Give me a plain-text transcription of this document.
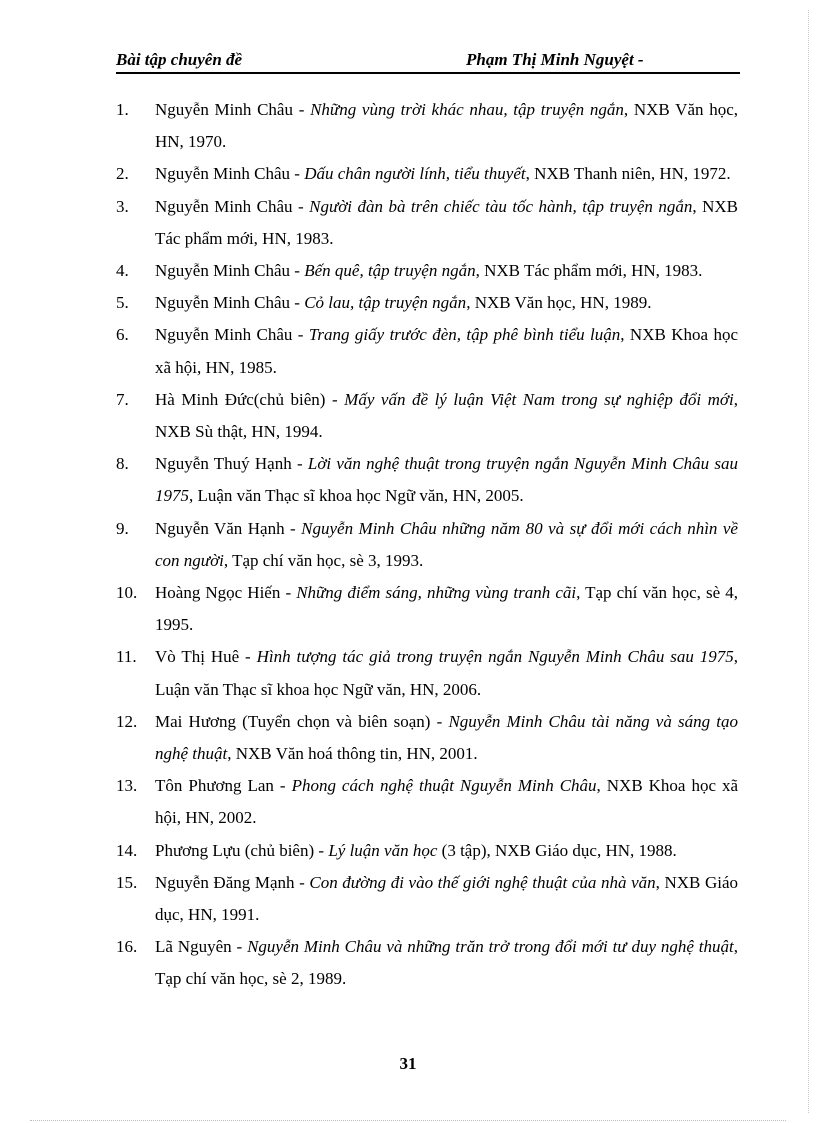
Bài tập chuyên đề	Phạm Thị Minh Nguyệt -
1. Nguyễn Minh Châu - Những vùng trời khác nhau, tập truyện ngắn, NXB Văn học, HN, 1970.
2. Nguyễn Minh Châu - Dấu chân người lính, tiểu thuyết, NXB Thanh niên, HN, 1972.
3. Nguyễn Minh Châu - Người đàn bà trên chiếc tàu tốc hành, tập truyện ngắn, NXB Tác phẩm mới, HN, 1983.
4. Nguyễn Minh Châu - Bến quê, tập truyện ngắn, NXB Tác phẩm mới, HN, 1983.
5. Nguyễn Minh Châu - Cỏ lau, tập truyện ngắn, NXB Văn học, HN, 1989.
6. Nguyễn Minh Châu - Trang giấy trước đèn, tập phê bình tiểu luận, NXB Khoa học xã hội, HN, 1985.
7. Hà Minh Đức(chủ biên) - Mấy vấn đề lý luận Việt Nam trong sự nghiệp đổi mới, NXB Sù thật, HN, 1994.
8. Nguyễn Thuý Hạnh - Lời văn nghệ thuật trong truyện ngắn Nguyễn Minh Châu sau 1975, Luận văn Thạc sĩ khoa học Ngữ văn, HN, 2005.
9. Nguyễn Văn Hạnh - Nguyễn Minh Châu những năm 80 và sự đổi mới cách nhìn về con người, Tạp chí văn học, sè 3, 1993.
10. Hoàng Ngọc Hiến - Những điểm sáng, những vùng tranh cãi, Tạp chí văn học, sè 4, 1995.
11. Vò Thị Huê - Hình tượng tác giả trong truyện ngắn Nguyễn Minh Châu sau 1975, Luận văn Thạc sĩ khoa học Ngữ văn, HN, 2006.
12. Mai Hương (Tuyển chọn và biên soạn) - Nguyễn Minh Châu tài năng và sáng tạo nghệ thuật, NXB Văn hoá thông tin, HN, 2001.
13. Tôn Phương Lan - Phong cách nghệ thuật Nguyễn Minh Châu, NXB Khoa học xã hội, HN, 2002.
14. Phương Lựu (chủ biên) - Lý luận văn học (3 tập), NXB Giáo dục, HN, 1988.
15. Nguyễn Đăng Mạnh - Con đường đi vào thế giới nghệ thuật của nhà văn, NXB Giáo dục, HN, 1991.
16. Lã Nguyên - Nguyễn Minh Châu và những trăn trở trong đổi mới tư duy nghệ thuật, Tạp chí văn học, sè 2, 1989.
31
